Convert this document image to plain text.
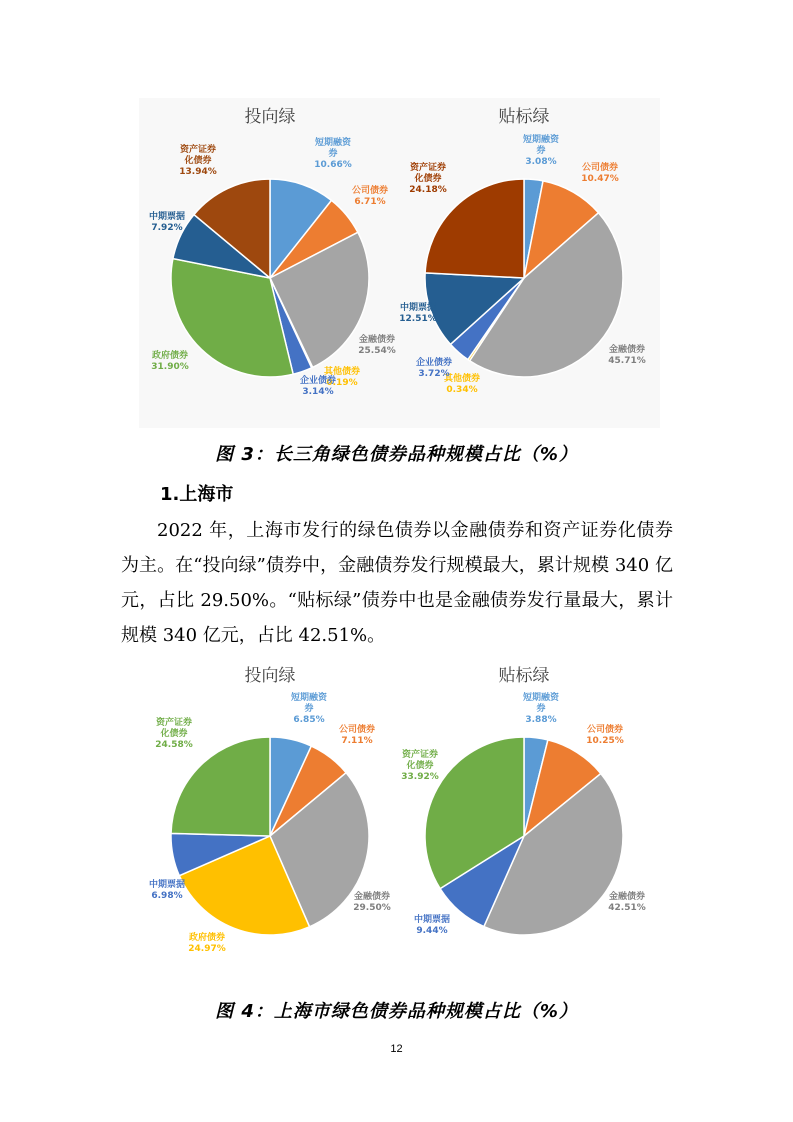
投向绿
短期融资券 10.66%
公司债券 6.71%
金融债券 25.54%
其他债券 0.19%
企业债券 3.14%
政府债券 31.90%
中期票据 7.92%
资产证券化债券 13.94%
贴标绿
短期融资券 3.08%
公司债券 10.47%
金融债券 45.71%
其他债券 0.34%
企业债券 3.72%
中期票据 12.51%
资产证券化债券 24.18%
投向绿
短期融资券 6.85%
公司债券 7.11%
金融债券 29.50%
政府债券 24.97%
中期票据 6.98%
资产证券化债券 24.58%
贴标绿
短期融资券 3.88%
公司债券 10.25%
金融债券 42.51%
中期票据 9.44%
资产证券化债券 33.92%
图 3：长三角绿色债券品种规模占比（%）
1.上海市

2022 年，上海市发行的绿色债券以金融债券和资产证券化债券为主。在“投向绿”债券中，金融债券发行规模最大，累计规模 340 亿元，占比 29.50%。“贴标绿”债券中也是金融债券发行量最大，累计规模 340 亿元，占比 42.51%。

图 4：上海市绿色债券品种规模占比（%）
12
